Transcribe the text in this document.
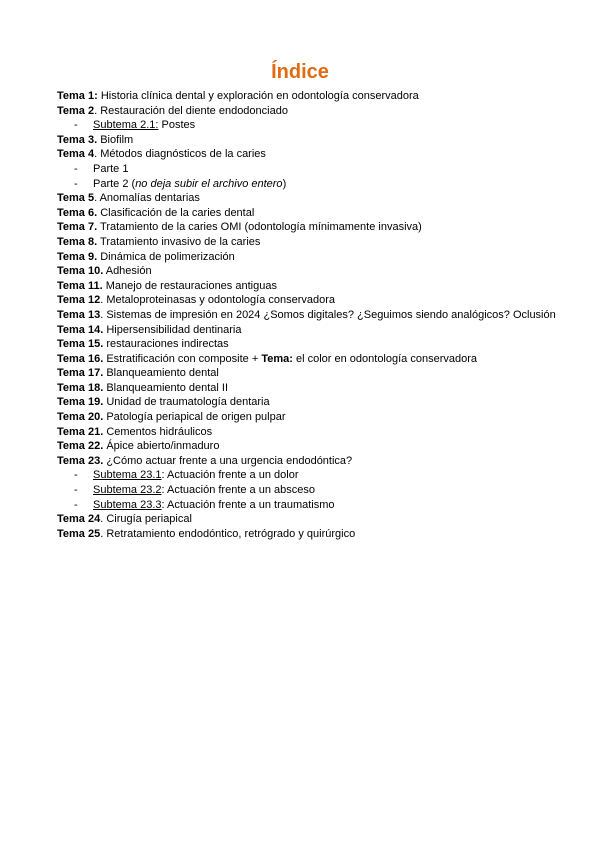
Índice
Tema 1: Historia clínica dental y exploración en odontología conservadora
Tema 2. Restauración del diente endodonciado
- Subtema 2.1: Postes
Tema 3. Biofilm
Tema 4. Métodos diagnósticos de la caries
- Parte 1
- Parte 2 (no deja subir el archivo entero)
Tema 5. Anomalías dentarias
Tema 6. Clasificación de la caries dental
Tema 7. Tratamiento de la caries OMI (odontología mínimamente invasiva)
Tema 8. Tratamiento invasivo de la caries
Tema 9. Dinámica de polimerización
Tema 10. Adhesión
Tema 11. Manejo de restauraciones antiguas
Tema 12. Metaloproteinasas y odontología conservadora
Tema 13. Sistemas de impresión en 2024 ¿Somos digitales? ¿Seguimos siendo analógicos? Oclusión
Tema 14. Hipersensibilidad dentinaria
Tema 15. restauraciones indirectas
Tema 16. Estratificación con composite + Tema: el color en odontología conservadora
Tema 17. Blanqueamiento dental
Tema 18. Blanqueamiento dental II
Tema 19. Unidad de traumatología dentaria
Tema 20. Patología periapical de origen pulpar
Tema 21. Cementos hidráulicos
Tema 22. Ápice abierto/inmaduro
Tema 23. ¿Cómo actuar frente a una urgencia endodóntica?
- Subtema 23.1: Actuación frente a un dolor
- Subtema 23.2: Actuación frente a un absceso
- Subtema 23.3: Actuación frente a un traumatismo
Tema 24. Cirugía periapical
Tema 25. Retratamiento endodóntico, retrógrado y quirúrgico
